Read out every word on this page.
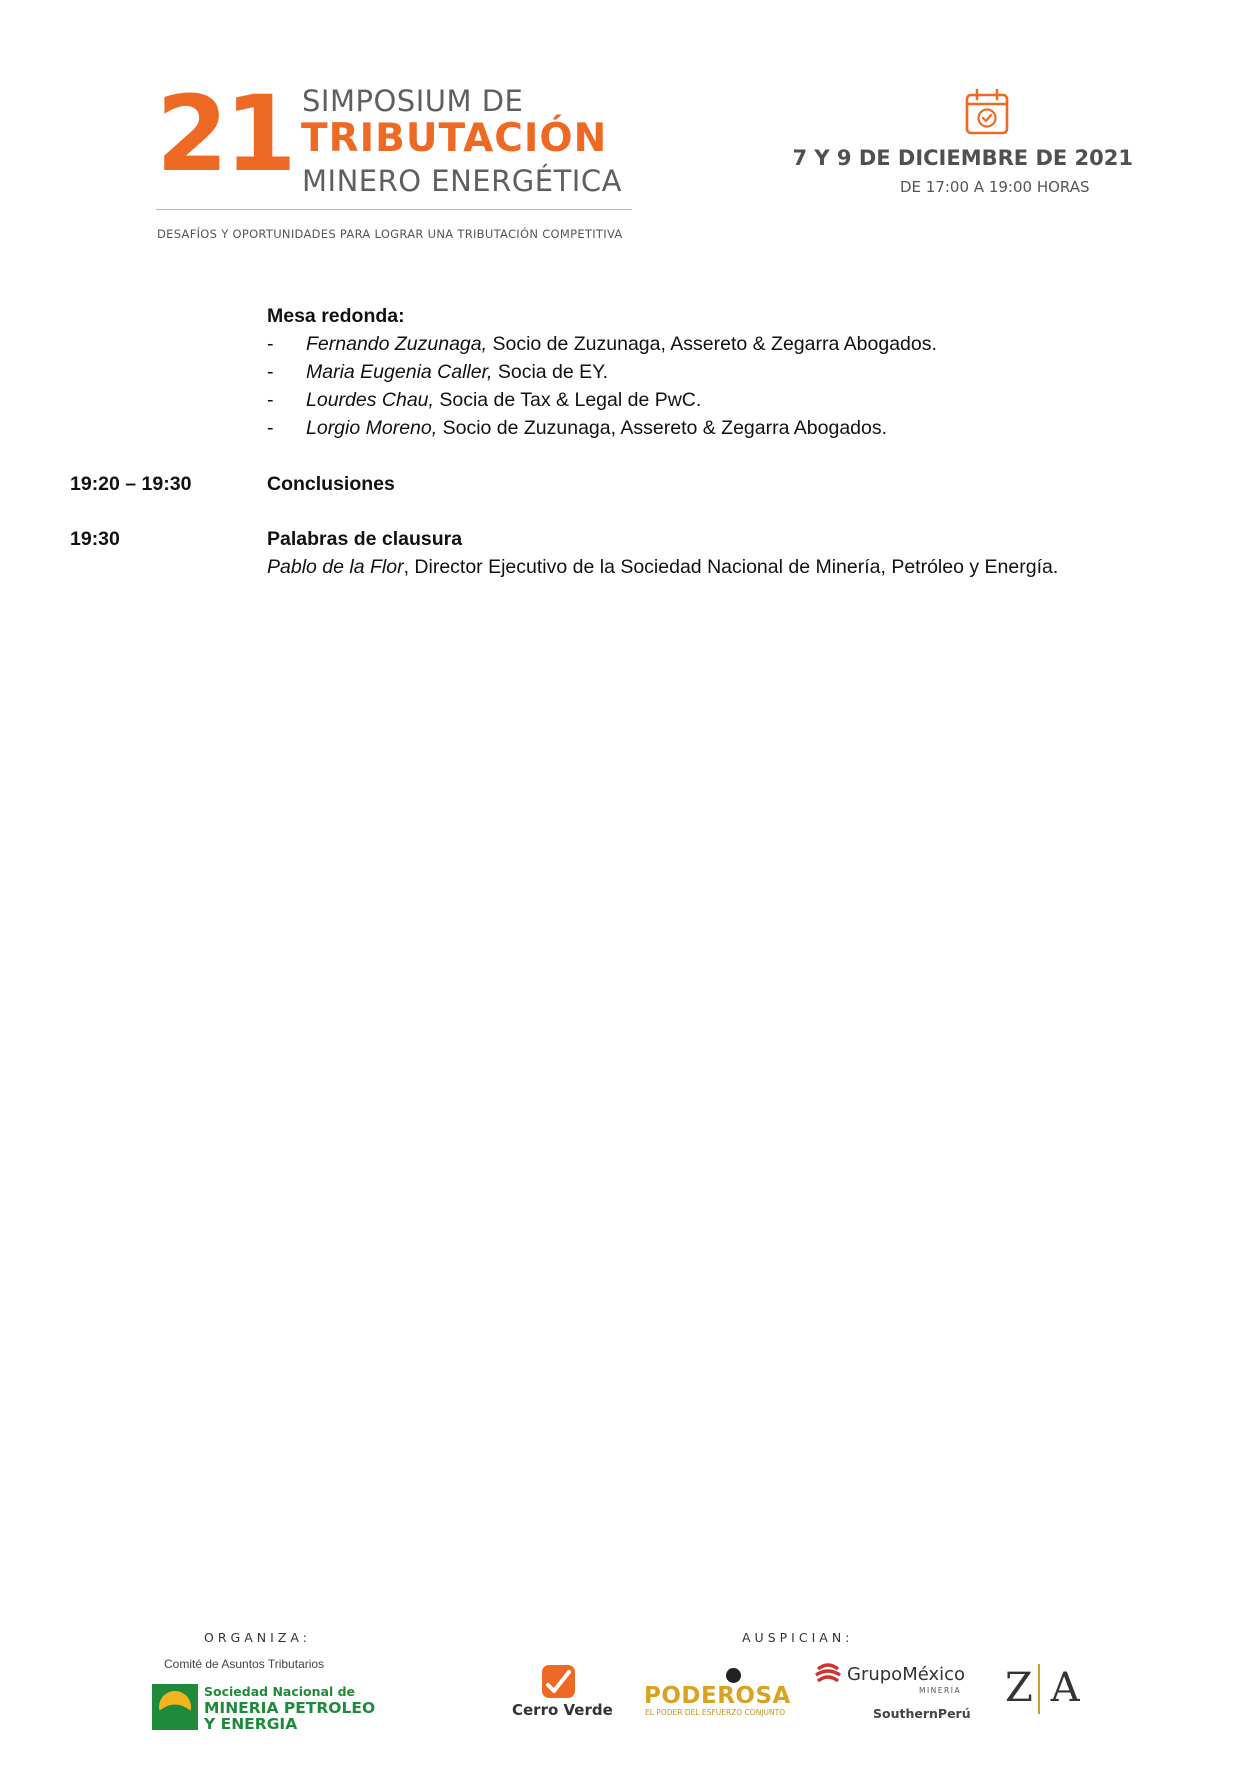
21 SIMPOSIUM DE
TRIBUTACIÓN
MINERO ENERGÉTICA
DESAFÍOS Y OPORTUNIDADES PARA LOGRAR UNA TRIBUTACIÓN COMPETITIVA
7 Y 9 DE DICIEMBRE DE 2021
DE 17:00 A 19:00 HORAS
Mesa redonda:
- Fernando Zuzunaga, Socio de Zuzunaga, Assereto & Zegarra Abogados.
- Maria Eugenia Caller, Socia de EY.
- Lourdes Chau, Socia de Tax & Legal de PwC.
- Lorgio Moreno, Socio de Zuzunaga, Assereto & Zegarra Abogados.
19:20 – 19:30	Conclusiones
19:30	Palabras de clausura
Pablo de la Flor, Director Ejecutivo de la Sociedad Nacional de Minería, Petróleo y Energía.
ORGANIZA:
Comité de Asuntos Tributarios
Sociedad Nacional de
MINERIA PETROLEO
Y ENERGIA
AUSPICIAN:
Cerro Verde
PODEROSA
EL PODER DEL ESFUERZO CONJUNTO
GrupoMéxico
MINERÍA
SouthernPerú
Z A
